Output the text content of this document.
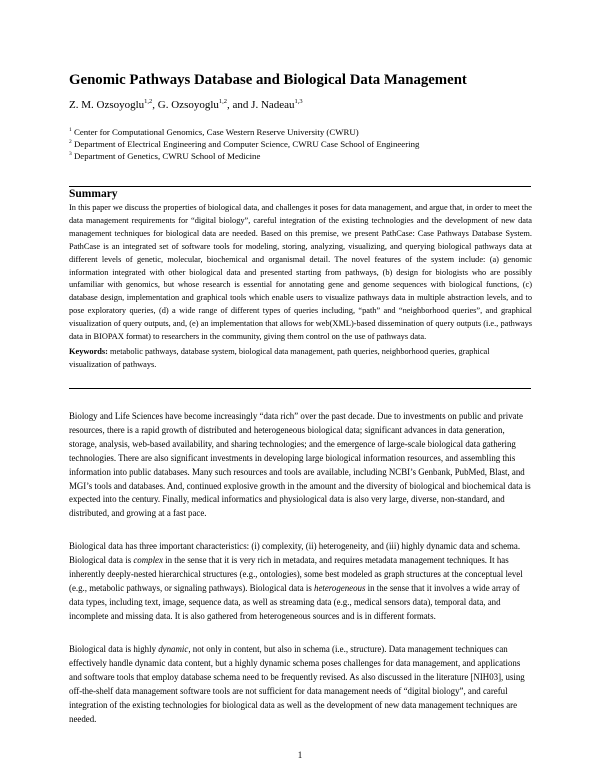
Genomic Pathways Database and Biological Data Management
Z. M. Ozsoyoglu$^{1,2}$, G. Ozsoyoglu$^{1,2}$, and J. Nadeau$^{1,3}$
$^1$ Center for Computational Genomics, Case Western Reserve University (CWRU)
$^2$ Department of Electrical Engineering and Computer Science, CWRU Case School of Engineering
$^3$ Department of Genetics, CWRU School of Medicine
Summary
In this paper we discuss the properties of biological data, and challenges it poses for data management, and argue that, in order to meet the data management requirements for “digital biology”, careful integration of the existing technologies and the development of new data management techniques for biological data are needed. Based on this premise, we present PathCase: Case Pathways Database System. PathCase is an integrated set of software tools for modeling, storing, analyzing, visualizing, and querying biological pathways data at different levels of genetic, molecular, biochemical and organismal detail. The novel features of the system include: (a) genomic information integrated with other biological data and presented starting from pathways, (b) design for biologists who are possibly unfamiliar with genomics, but whose research is essential for annotating gene and genome sequences with biological functions, (c) database design, implementation and graphical tools which enable users to visualize pathways data in multiple abstraction levels, and to pose exploratory queries, (d) a wide range of different types of queries including, “path” and “neighborhood queries”, and graphical visualization of query outputs, and, (e) an implementation that allows for web(XML)-based dissemination of query outputs (i.e., pathways data in BIOPAX format) to researchers in the community, giving them control on the use of pathways data.
Keywords: metabolic pathways, database system, biological data management, path queries, neighborhood queries, graphical visualization of pathways.

Biology and Life Sciences have become increasingly “data rich” over the past decade. Due to investments on public and private resources, there is a rapid growth of distributed and heterogeneous biological data; significant advances in data generation, storage, analysis, web-based availability, and sharing technologies; and the emergence of large-scale biological data gathering technologies. There are also significant investments in developing large biological information resources, and assembling this information into public databases. Many such resources and tools are available, including NCBI’s Genbank, PubMed, Blast, and MGI’s tools and databases. And, continued explosive growth in the amount and the diversity of biological and biochemical data is expected into the century. Finally, medical informatics and physiological data is also very large, diverse, non-standard, and distributed, and growing at a fast pace.

Biological data has three important characteristics: (i) complexity, (ii) heterogeneity, and (iii) highly dynamic data and schema. Biological data is complex in the sense that it is very rich in metadata, and requires metadata management techniques. It has inherently deeply-nested hierarchical structures (e.g., ontologies), some best modeled as graph structures at the conceptual level (e.g., metabolic pathways, or signaling pathways). Biological data is heterogeneous in the sense that it involves a wide array of data types, including text, image, sequence data, as well as streaming data (e.g., medical sensors data), temporal data, and incomplete and missing data. It is also gathered from heterogeneous sources and is in different formats.

Biological data is highly dynamic, not only in content, but also in schema (i.e., structure). Data management techniques can effectively handle dynamic data content, but a highly dynamic schema poses challenges for data management, and applications and software tools that employ database schema need to be frequently revised. As also discussed in the literature [NIH03], using off-the-shelf data management software tools are not sufficient for data management needs of “digital biology”, and careful integration of the existing technologies for biological data as well as the development of new data management techniques are needed.

1
